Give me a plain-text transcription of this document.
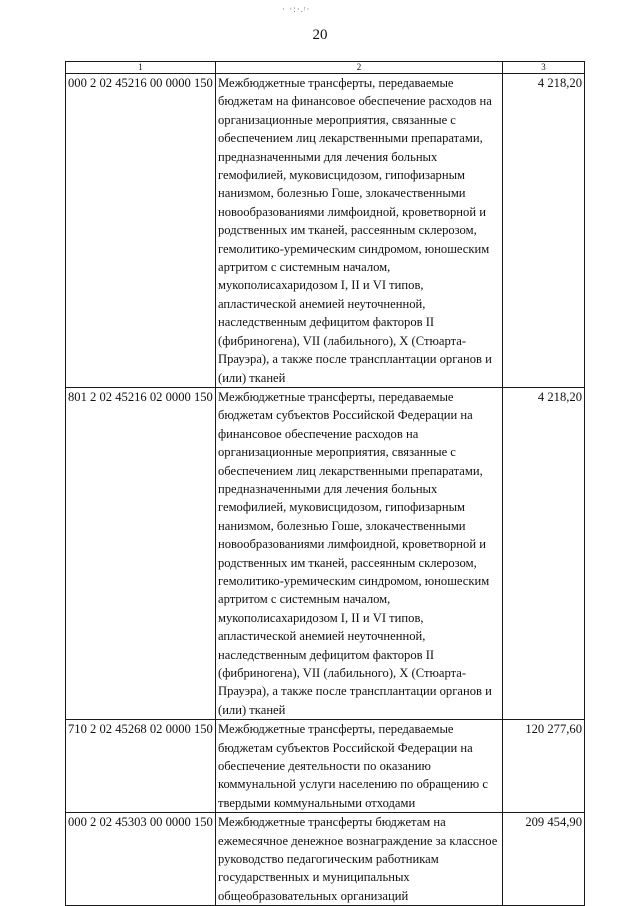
· ·:·.ᵎ·
20
1	2	3
000 2 02 45216 00 0000 150	Межбюджетные трансферты, передаваемые бюджетам на финансовое обеспечение расходов на организационные мероприятия, связанные с обеспечением лиц лекарственными препаратами, предназначенными для лечения больных гемофилией, муковисцидозом, гипофизарным нанизмом, болезнью Гоше, злокачественными новообразованиями лимфоидной, кроветворной и родственных им тканей, рассеянным склерозом, гемолитико-уремическим синдромом, юношеским артритом с системным началом, мукополисахаридозом I, II и VI типов, апластической анемией неуточненной, наследственным дефицитом факторов II (фибриногена), VII (лабильного), X (Стюарта-Прауэра), а также после трансплантации органов и (или) тканей	4 218,20
801 2 02 45216 02 0000 150	Межбюджетные трансферты, передаваемые бюджетам субъектов Российской Федерации на финансовое обеспечение расходов на организационные мероприятия, связанные с обеспечением лиц лекарственными препаратами, предназначенными для лечения больных гемофилией, муковисцидозом, гипофизарным нанизмом, болезнью Гоше, злокачественными новообразованиями лимфоидной, кроветворной и родственных им тканей, рассеянным склерозом, гемолитико-уремическим синдромом, юношеским артритом с системным началом, мукополисахаридозом I, II и VI типов, апластической анемией неуточненной, наследственным дефицитом факторов II (фибриногена), VII (лабильного), X (Стюарта-Прауэра), а также после трансплантации органов и (или) тканей	4 218,20
710 2 02 45268 02 0000 150	Межбюджетные трансферты, передаваемые бюджетам субъектов Российской Федерации на обеспечение деятельности по оказанию коммунальной услуги населению по обращению с твердыми коммунальными отходами	120 277,60
000 2 02 45303 00 0000 150	Межбюджетные трансферты бюджетам на ежемесячное денежное вознаграждение за классное руководство педагогическим работникам государственных и муниципальных общеобразовательных организаций	209 454,90
